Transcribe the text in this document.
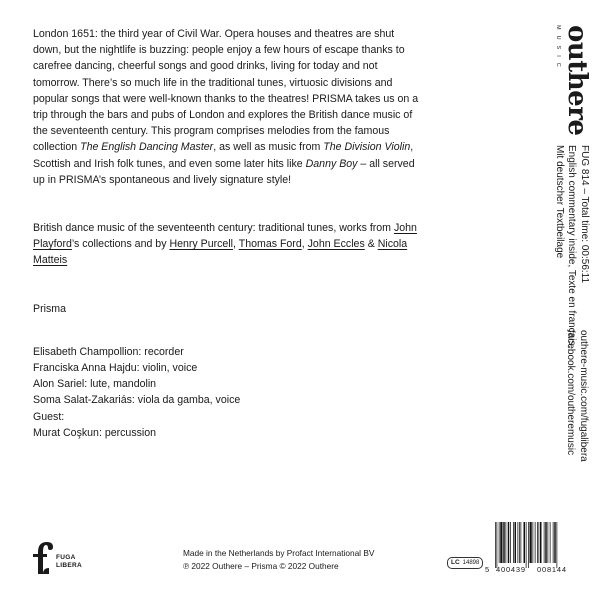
London 1651: the third year of Civil War. Opera houses and theatres are shut down, but the nightlife is buzzing: people enjoy a few hours of escape thanks to carefree dancing, cheerful songs and good drinks, living for today and not tomorrow. There’s so much life in the traditional tunes, virtuosic divisions and popular songs that were well-known thanks to the theatres! PRISMA takes us on a trip through the bars and pubs of London and explores the British dance music of the seventeenth century. This program comprises melodies from the famous collection The English Dancing Master, as well as music from The Division Violin, Scottish and Irish folk tunes, and even some later hits like Danny Boy – all served up in PRISMA’s spontaneous and lively signature style!

British dance music of the seventeenth century: traditional tunes, works from John Playford’s collections and by Henry Purcell, Thomas Ford, John Eccles & Nicola Matteis

Prisma

Elisabeth Champollion: recorder
Franciska Anna Hajdu: violin, voice
Alon Sariel: lute, mandolin
Soma Salat-Zakariás: viola da gamba, voice
Guest:
Murat Coşkun: percussion
outhere
MUSIC
FUG 814 – Total time: 00:56:11
English commentary inside, Texte en français,
Mit deutscher Textbeilage
outhere-music.com/fugalibera
facebook.com/outheremusic
FUGA
LIBERA
Made in the Netherlands by Profact International BV
℗ 2022 Outhere – Prisma © 2022 Outhere	LC 14898
5 400439 008144
